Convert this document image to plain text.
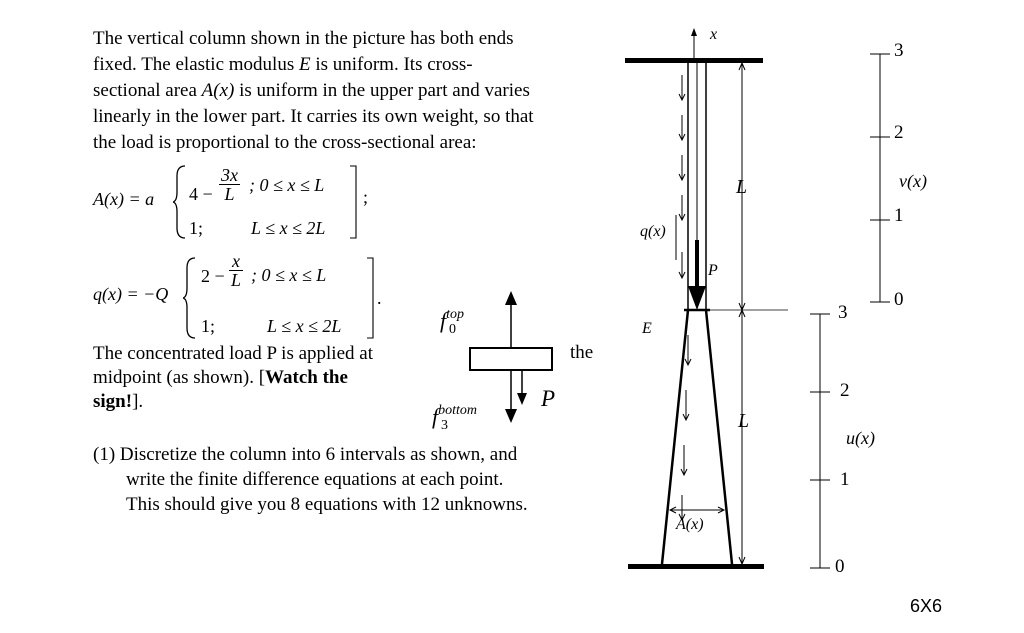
The vertical column shown in the picture has both ends
fixed. The elastic modulus E is uniform. Its cross-
sectional area A(x) is uniform in the upper part and varies
linearly in the lower part. It carries its own weight, so that
the load is proportional to the cross-sectional area:
A(x) = a $4 - \frac{3x}{L}$ ; 0 ≤ x ≤ L
1;	L ≤ x ≤ 2L
;
q(x) = −Q
$2 - \frac{x}{L}$ ; 0 ≤ x ≤ L
1;	L ≤ x ≤ 2L
.
The concentrated load P is applied at
midpoint (as shown). [Watch the
sign!].
the
$f^{top}$
0
$f^{bottom}$
3
P
(1) Discretize the column into 6 intervals as shown, and
write the finite difference equations at each point.
This should give you 8 equations with 12 unknowns.
x
L
L
q(x)
P
E
A(x)
3
2
1
0
v(x)
3
2
1
0
u(x)
6X6
